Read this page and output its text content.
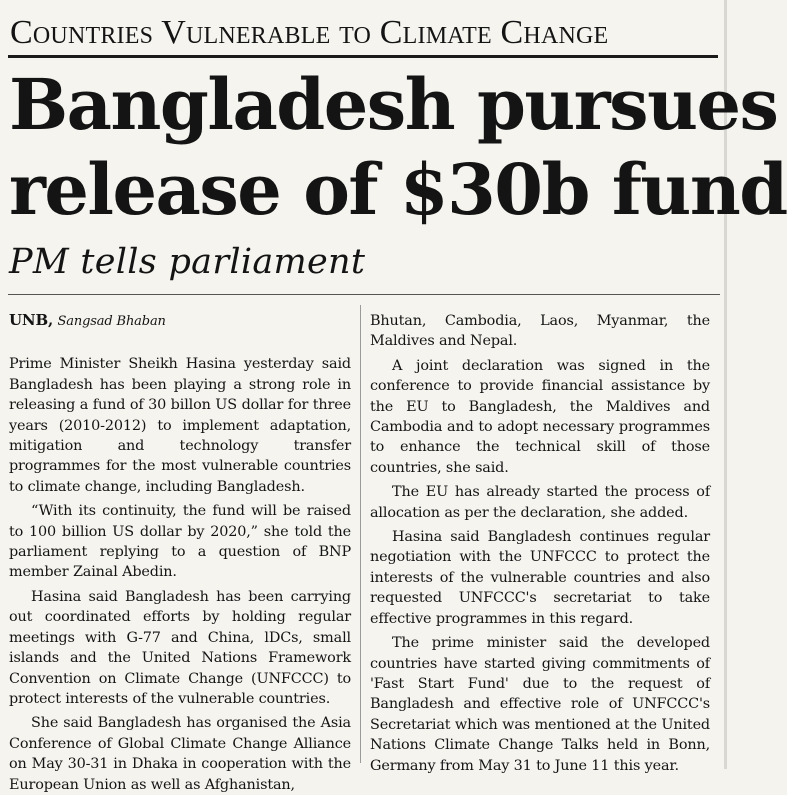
Countries Vulnerable to Climate Change
Bangladesh pursues
release of $30b fund
PM tells parliament
UNB, Sangsad Bhaban

Prime Minister Sheikh Hasina yesterday said Bangladesh has been playing a strong role in releasing a fund of 30 billon US dollar for three years (2010-2012) to implement adaptation, mitigation and technology transfer programmes for the most vulnerable countries to climate change, including Bangladesh.

“With its continuity, the fund will be raised to 100 billion US dollar by 2020,” she told the parliament replying to a question of BNP member Zainal Abedin.

Hasina said Bangladesh has been carrying out coordinated efforts by holding regular meetings with G-77 and China, lDCs, small islands and the United Nations Framework Convention on Climate Change (UNFCCC) to protect interests of the vulnerable countries.

She said Bangladesh has organised the Asia Conference of Global Climate Change Alliance on May 30-31 in Dhaka in cooperation with the European Union as well as Afghanistan,

Bhutan, Cambodia, Laos, Myanmar, the Maldives and Nepal.

A joint declaration was signed in the conference to provide financial assistance by the EU to Bangladesh, the Maldives and Cambodia and to adopt necessary programmes to enhance the technical skill of those countries, she said.

The EU has already started the process of allocation as per the declaration, she added.

Hasina said Bangladesh continues regular negotiation with the UNFCCC to protect the interests of the vulnerable countries and also requested UNFCCC's secretariat to take effective programmes in this regard.

The prime minister said the developed countries have started giving commitments of 'Fast Start Fund' due to the request of Bangladesh and effective role of UNFCCC's Secretariat which was mentioned at the United Nations Climate Change Talks held in Bonn, Germany from May 31 to June 11 this year.
